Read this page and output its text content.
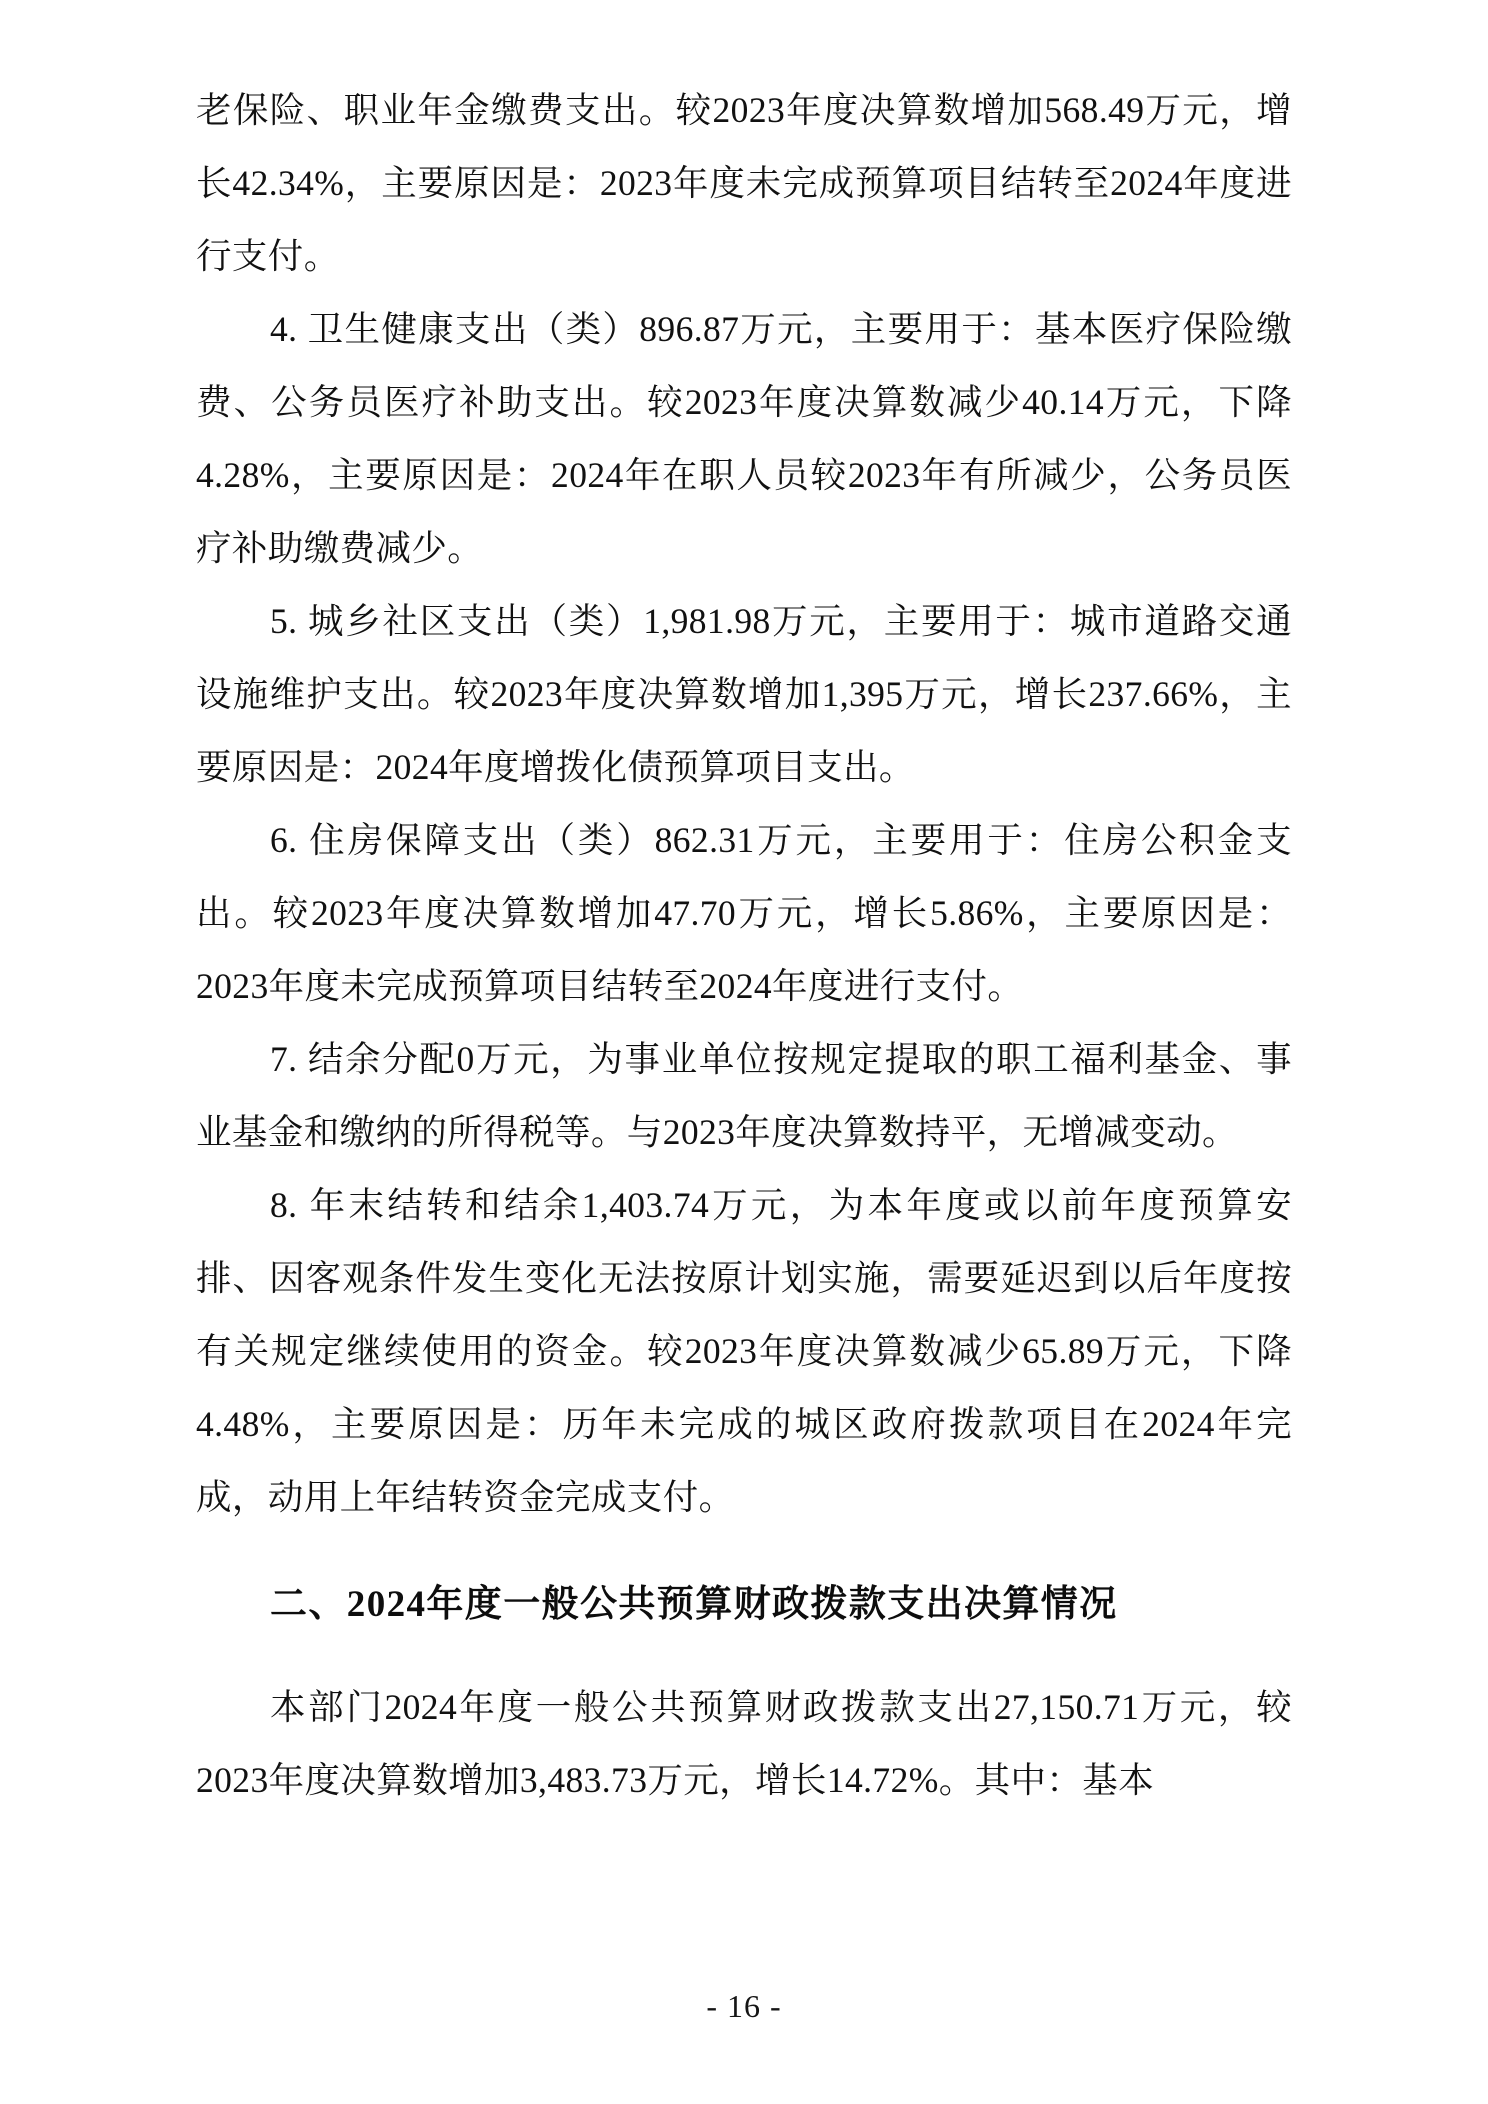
老保险、职业年金缴费支出。较2023年度决算数增加568.49万元，增长42.34%，主要原因是：2023年度未完成预算项目结转至2024年度进行支付。

4. 卫生健康支出（类）896.87万元，主要用于：基本医疗保险缴费、公务员医疗补助支出。较2023年度决算数减少40.14万元，下降4.28%，主要原因是：2024年在职人员较2023年有所减少，公务员医疗补助缴费减少。

5. 城乡社区支出（类）1,981.98万元，主要用于：城市道路交通设施维护支出。较2023年度决算数增加1,395万元，增长237.66%，主要原因是：2024年度增拨化债预算项目支出。

6. 住房保障支出（类）862.31万元，主要用于：住房公积金支出。较2023年度决算数增加47.70万元，增长5.86%，主要原因是：2023年度未完成预算项目结转至2024年度进行支付。

7. 结余分配0万元，为事业单位按规定提取的职工福利基金、事业基金和缴纳的所得税等。与2023年度决算数持平，无增减变动。

8. 年末结转和结余1,403.74万元，为本年度或以前年度预算安排、因客观条件发生变化无法按原计划实施，需要延迟到以后年度按有关规定继续使用的资金。较2023年度决算数减少65.89万元，下降4.48%，主要原因是：历年未完成的城区政府拨款项目在2024年完成，动用上年结转资金完成支付。

二、2024年度一般公共预算财政拨款支出决算情况

本部门2024年度一般公共预算财政拨款支出27,150.71万元，较2023年度决算数增加3,483.73万元，增长14.72%。其中：基本

- 16 -
